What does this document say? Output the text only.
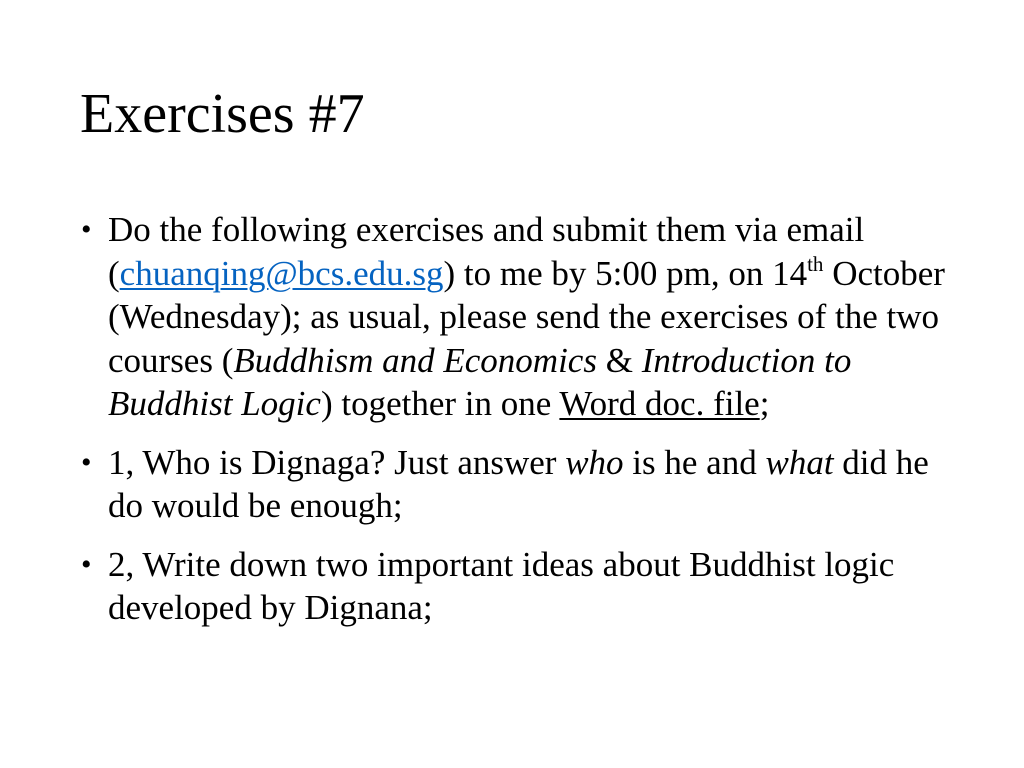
Exercises #7
• Do the following exercises and submit them via email (chuanqing@bcs.edu.sg) to me by 5:00 pm, on 14th October (Wednesday); as usual, please send the exercises of the two courses (Buddhism and Economics & Introduction to Buddhist Logic) together in one Word doc. file;
• 1, Who is Dignaga? Just answer who is he and what did he do would be enough;
• 2, Write down two important ideas about Buddhist logic developed by Dignana;
